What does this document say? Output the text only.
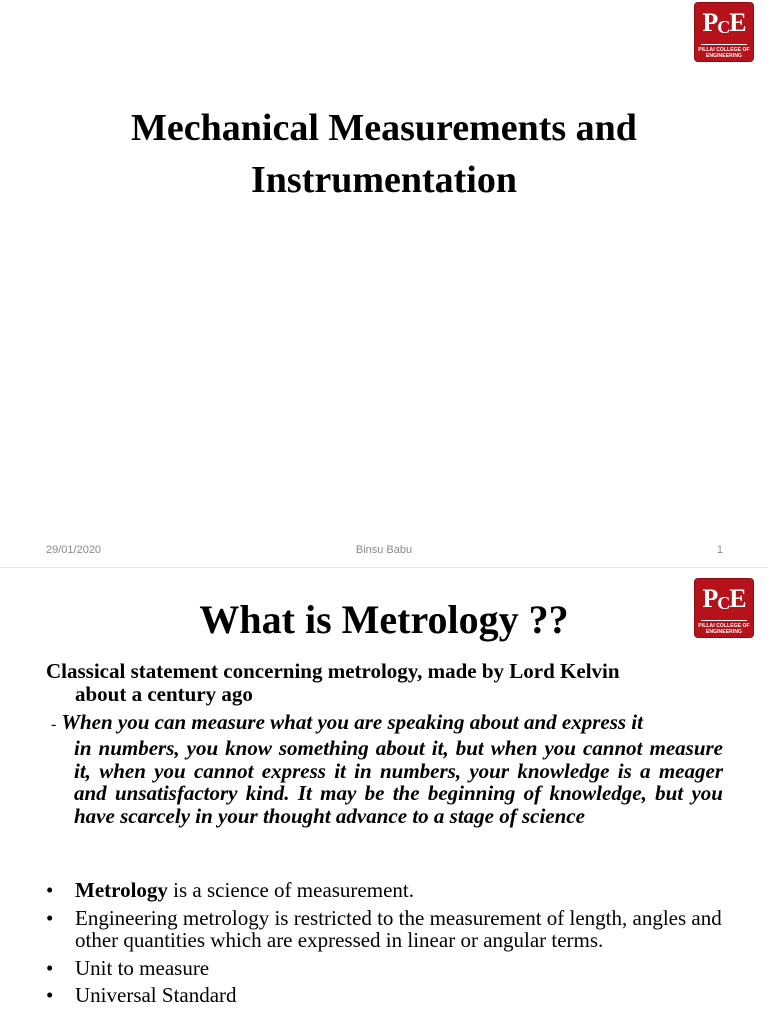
PCE
PILLAI COLLEGE OF
ENGINEERING
Mechanical Measurements and
Instrumentation
29/01/2020	Binsu Babu	1
PCE
PILLAI COLLEGE OF
ENGINEERING
What is Metrology ??
Classical statement concerning metrology, made by Lord Kelvin
about a century ago
- When you can measure what you are speaking about and express it
in numbers, you know something about it, but when you cannot measure it, when you cannot express it in numbers, your knowledge is a meager and unsatisfactory kind. It may be the beginning of knowledge, but you have scarcely in your thought advance to a stage of science
• Metrology is a science of measurement.
• Engineering metrology is restricted to the measurement of length, angles and other quantities which are expressed in linear or angular terms.
• Unit to measure
• Universal Standard
